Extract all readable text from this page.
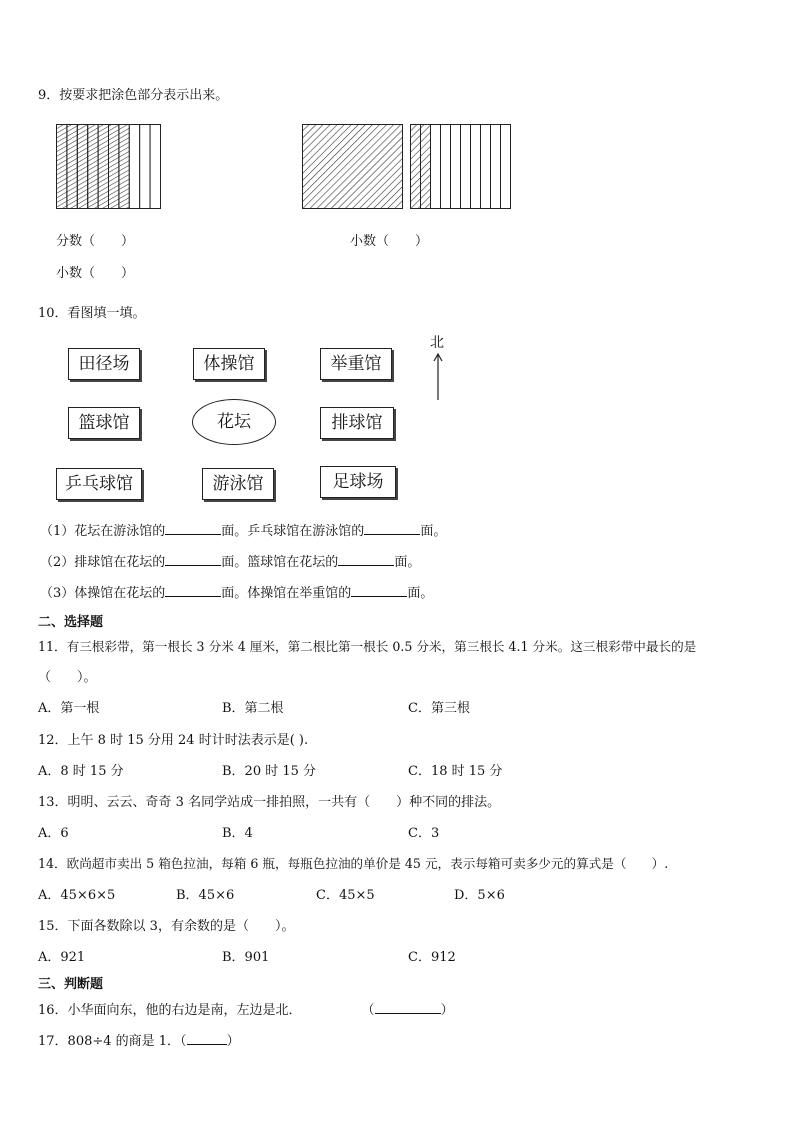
9．按要求把涂色部分表示出来。
分数（　　）	小数（　　）
小数（　　）
10．看图填一填。
田径场	体操馆	举重馆
北
篮球馆	花坛	排球馆
乒乓球馆	游泳馆	足球场
（1）花坛在游泳馆的	面。乒乓球馆在游泳馆的	面。
（2）排球馆在花坛的	面。篮球馆在花坛的	面。
（3）体操馆在花坛的	面。体操馆在举重馆的	面。
二、选择题
11．有三根彩带，第一根长 3 分米 4 厘米，第二根比第一根长 0.5 分米，第三根长 4.1 分米。这三根彩带中最长的是
（　　）。
A．第一根	B．第二根	C．第三根
12．上午 8 时 15 分用 24 时计时法表示是( ).
A．8 时 15 分	B．20 时 15 分	C．18 时 15 分
13．明明、云云、奇奇 3 名同学站成一排拍照，一共有（　　）种不同的排法。
A．6	B．4	C．3
14．欧尚超市卖出 5 箱色拉油，每箱 6 瓶，每瓶色拉油的单价是 45 元，表示每箱可卖多少元的算式是（　　）.
A．45×6×5	B．45×6	C．45×5	D．5×6
15．下面各数除以 3，有余数的是（　　）。
A．921	B．901	C．912
三、判断题
16．小华面向东，他的右边是南，左边是北．	（	）
17．808÷4 的商是 1．（	）
